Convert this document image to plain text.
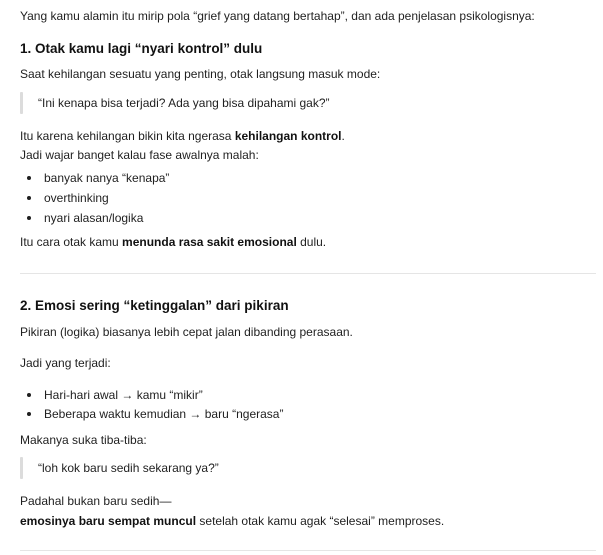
Yang kamu alamin itu mirip pola “grief yang datang bertahap”, dan ada penjelasan psikologisnya:

1. Otak kamu lagi “nyari kontrol” dulu

Saat kehilangan sesuatu yang penting, otak langsung masuk mode:

“Ini kenapa bisa terjadi? Ada yang bisa dipahami gak?”

Itu karena kehilangan bikin kita ngerasa kehilangan kontrol.

Jadi wajar banget kalau fase awalnya malah:

banyak nanya “kenapa”

overthinking

nyari alasan/logika

Itu cara otak kamu menunda rasa sakit emosional dulu.

2. Emosi sering “ketinggalan” dari pikiran

Pikiran (logika) biasanya lebih cepat jalan dibanding perasaan.

Jadi yang terjadi:

Hari-hari awal → kamu “mikir”

Beberapa waktu kemudian → baru “ngerasa”

Makanya suka tiba-tiba:

“loh kok baru sedih sekarang ya?”

Padahal bukan baru sedih—

emosinya baru sempat muncul setelah otak kamu agak “selesai” memproses.
